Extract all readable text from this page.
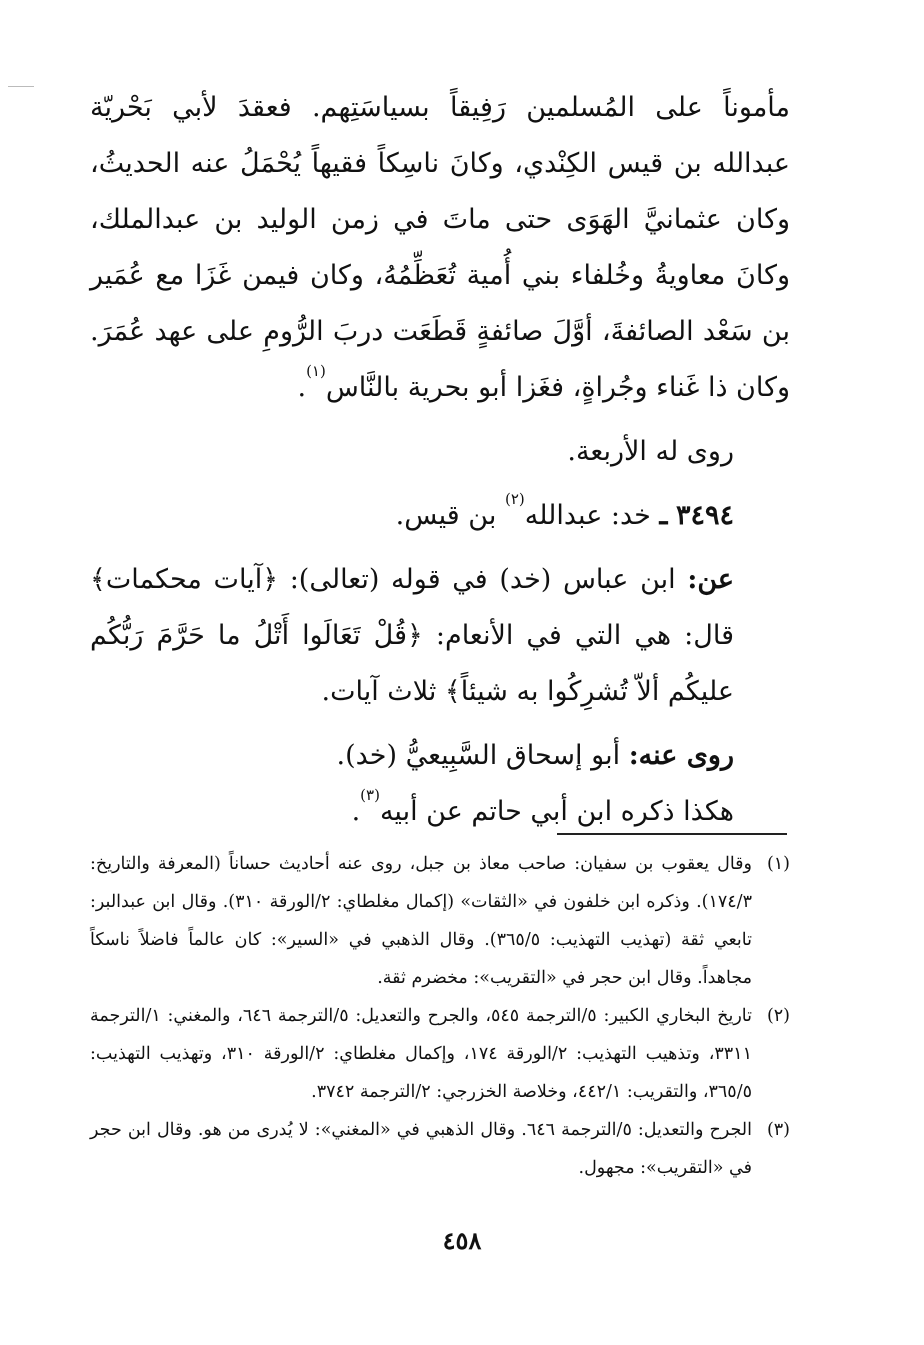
مأموناً على المُسلمين رَفِيقاً بسياسَتِهم. فعقدَ لأبي بَحْريّة عبدالله بن قيس الكِنْدي، وكانَ ناسِكاً فقيهاً يُحْمَلُ عنه الحديثُ، وكان عثمانيَّ الهَوَى حتى ماتَ في زمن الوليد بن عبدالملك، وكانَ معاويةُ وخُلفاء بني أُمية تُعَظِّمُهُ، وكان فيمن غَزَا مع عُمَير بن سَعْد الصائفةَ، أوَّلَ صائفةٍ قَطَعَت دربَ الرُّومِ على عهد عُمَرَ. وكان ذا غَناء وجُراةٍ، فغَزا أبو بحرية بالنَّاس$^{(١)}$.

روى له الأربعة.

٣٤٩٤ ـ خد: عبدالله$^{(٢)}$ بن قيس.

عن: ابن عباس (خد) في قوله (تعالى): ﴿آيات محكمات﴾ قال: هي التي في الأنعام: ﴿قُلْ تَعَالَوا أَتْلُ ما حَرَّمَ رَبُّكُم عليكُم ألاّ تُشرِكُوا به شيئاً﴾ ثلاث آيات.

روى عنه: أبو إسحاق السَّبِيعيُّ (خد).

هكذا ذكره ابن أبي حاتم عن أبيه$^{(٣)}$.

(١)
وقال يعقوب بن سفيان: صاحب معاذ بن جبل، روى عنه أحاديث حساناً (المعرفة والتاريخ: ١٧٤/٣). وذكره ابن خلفون في «الثقات» (إكمال مغلطاي: ٢/الورقة ٣١٠). وقال ابن عبدالبر: تابعي ثقة (تهذيب التهذيب: ٣٦٥/٥). وقال الذهبي في «السير»: كان عالماً فاضلاً ناسكاً مجاهداً. وقال ابن حجر في «التقريب»: مخضرم ثقة.

(٢)
تاريخ البخاري الكبير: ٥/الترجمة ٥٤٥، والجرح والتعديل: ٥/الترجمة ٦٤٦، والمغني: ١/الترجمة ٣٣١١، وتذهيب التهذيب: ٢/الورقة ١٧٤، وإكمال مغلطاي: ٢/الورقة ٣١٠، وتهذيب التهذيب: ٣٦٥/٥، والتقريب: ٤٤٢/١، وخلاصة الخزرجي: ٢/الترجمة ٣٧٤٢.

(٣)
الجرح والتعديل: ٥/الترجمة ٦٤٦. وقال الذهبي في «المغني»: لا يُدرى من هو. وقال ابن حجر في «التقريب»: مجهول.

٤٥٨
